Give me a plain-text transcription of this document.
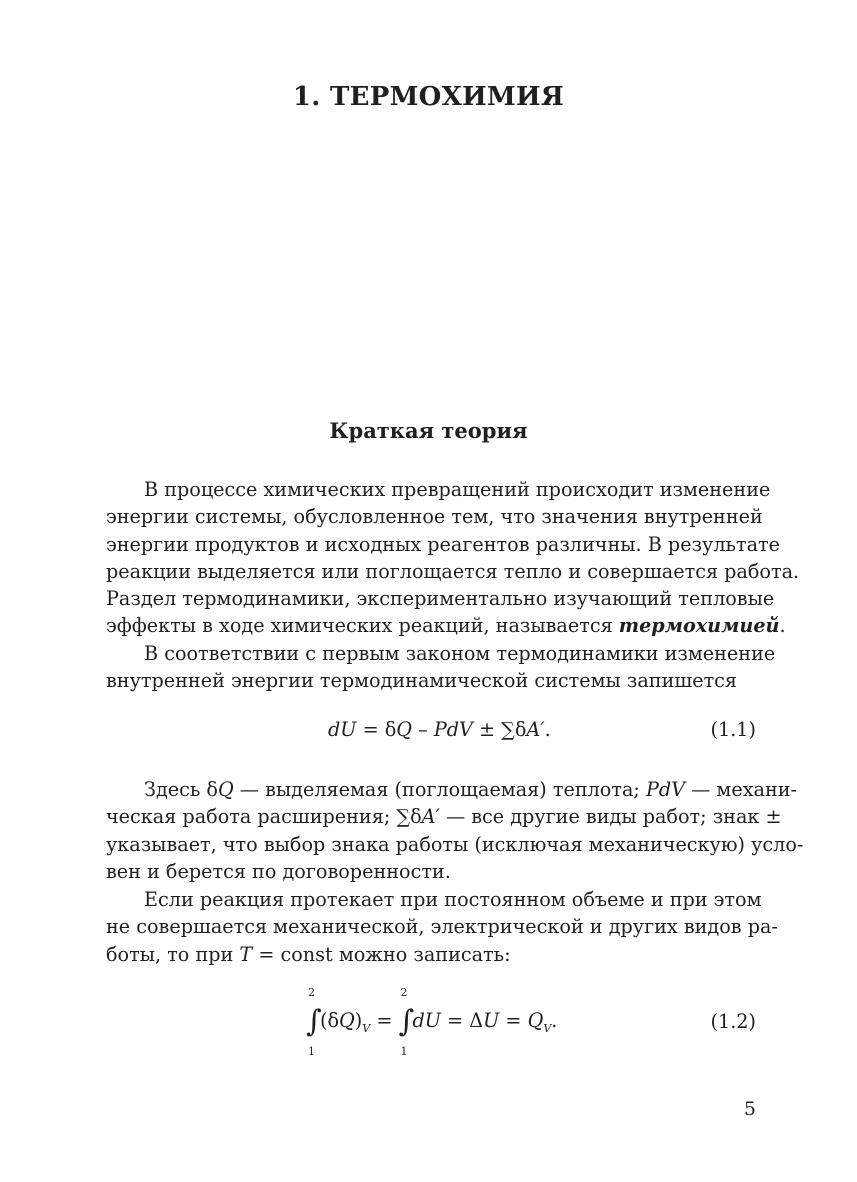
1. ТЕРМОХИМИЯ
Краткая теория
В процессе химических превращений происходит изменение
энергии системы, обусловленное тем, что значения внутренней
энергии продуктов и исходных реагентов различны. В результате
реакции выделяется или поглощается тепло и совершается работа.
Раздел термодинамики, экспериментально изучающий тепловые
эффекты в ходе химических реакций, называется термохимией.
В соответствии с первым законом термодинамики изменение
внутренней энергии термодинамической системы запишется
dU = δQ – PdV ± ∑δA′.	(1.1)
Здесь δQ — выделяемая (поглощаемая) теплота; PdV — механи-
ческая работа расширения; ∑δA′ — все другие виды работ; знак ±
указывает, что выбор знака работы (исключая механическую) усло-
вен и берется по договоренности.
Если реакция протекает при постоянном объеме и при этом
не совершается механической, электрической и других видов ра-
боты, то при T = const можно записать:
∫
2
1
$(\delta Q)_V$ = ∫
2
1
dU = $\Delta U = Q_V$.	(1.2)
5
